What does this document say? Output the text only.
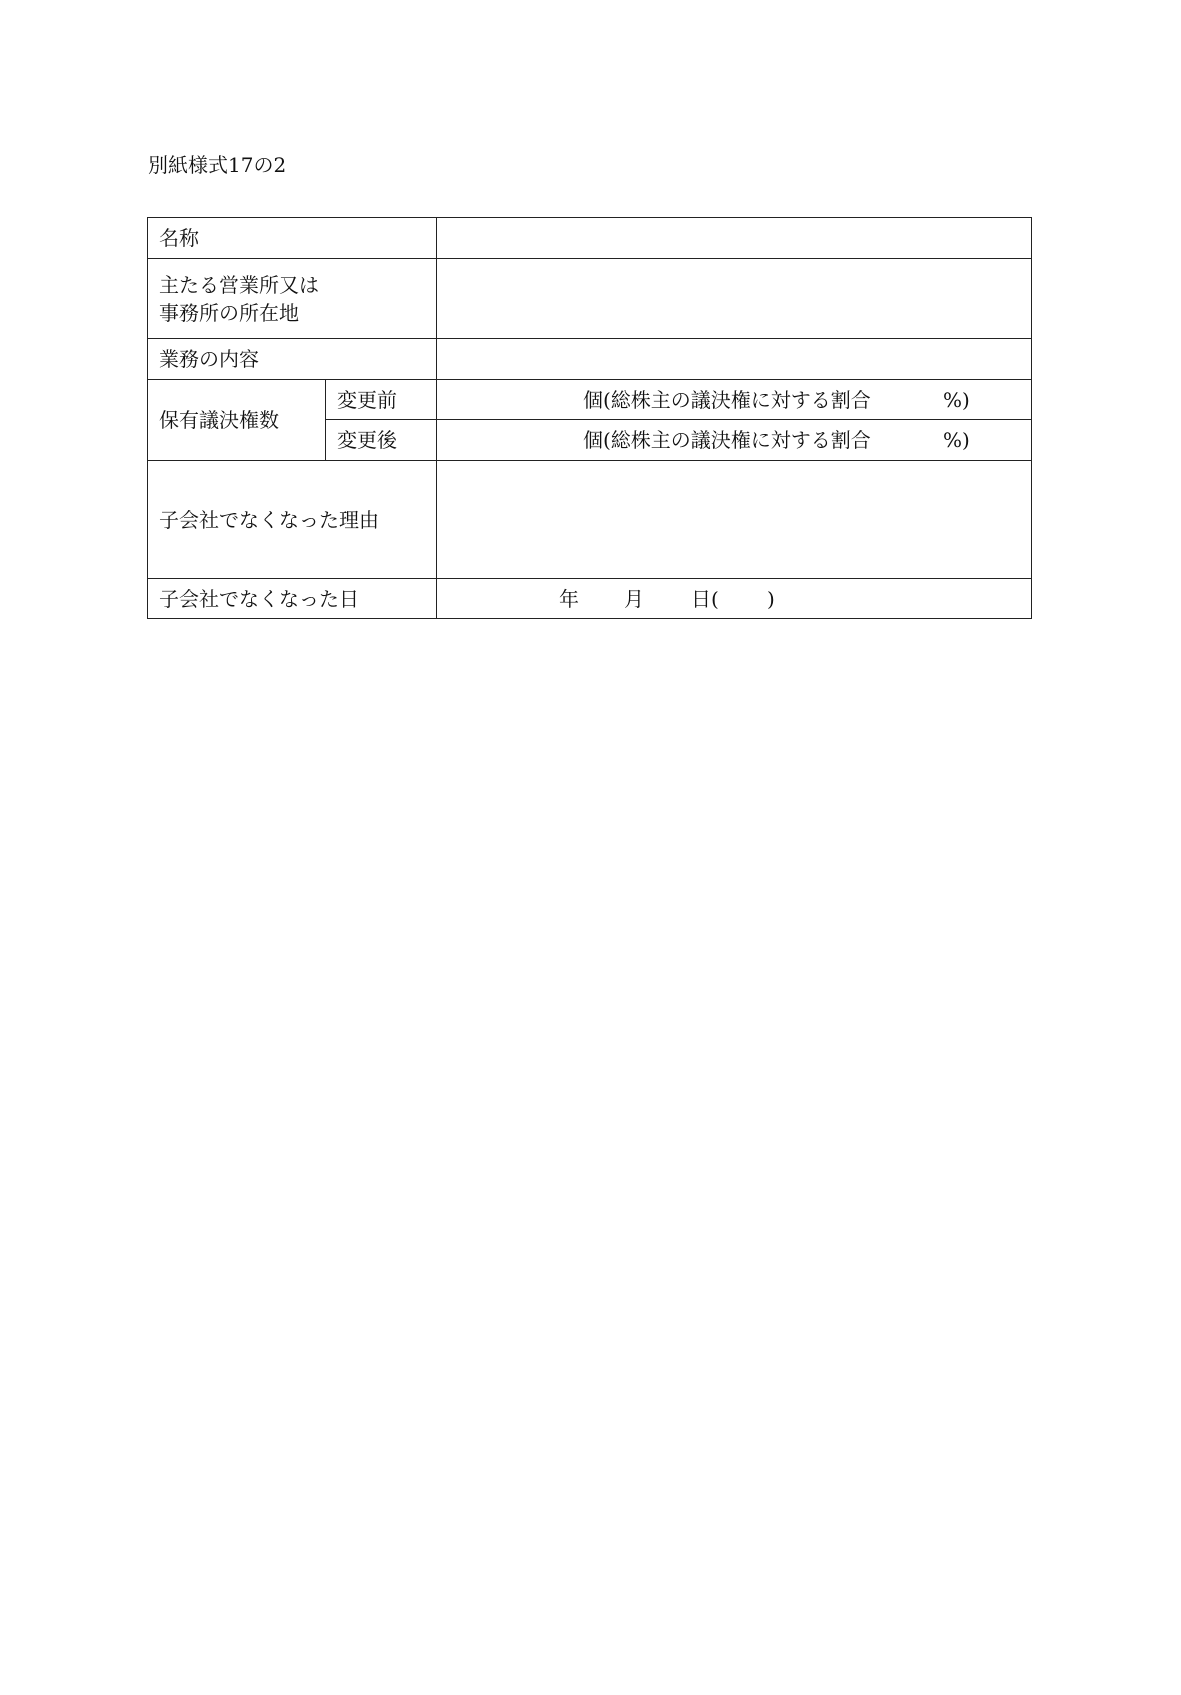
別紙様式17の2
名称		

主たる営業所又は
事務所の所在地		

業務の内容		
保有議決権数	変更前	個(総株主の議決権に対する割合 %)

	変更後	個(総株主の議決権に対する割合 %)

子会社でなくなった理由		
子会社でなくなった日		年 月 日( )
